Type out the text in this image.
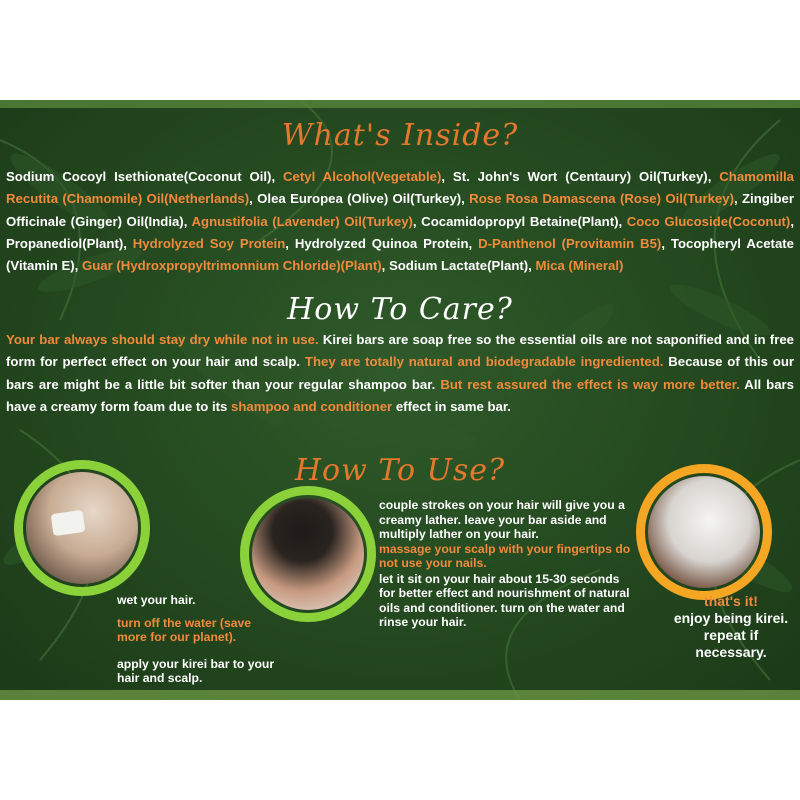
What's Inside?
Sodium Cocoyl Isethionate(Coconut Oil), Cetyl Alcohol(Vegetable), St. John's Wort (Centaury) Oil(Turkey), Chamomilla Recutita (Chamomile) Oil(Netherlands), Olea Europea (Olive) Oil(Turkey), Rose Rosa Damascena (Rose) Oil(Turkey), Zingiber Officinale (Ginger) Oil(India), Agnustifolia (Lavender) Oil(Turkey), Cocamidopropyl Betaine(Plant), Coco Glucoside(Coconut), Propanediol(Plant), Hydrolyzed Soy Protein, Hydrolyzed Quinoa Protein, D-Panthenol (Provitamin B5), Tocopheryl Acetate (Vitamin E), Guar (Hydroxpropyltrimonnium Chloride)(Plant), Sodium Lactate(Plant), Mica (Mineral)
How To Care?
Your bar always should stay dry while not in use. Kirei bars are soap free so the essential oils are not saponified and in free form for perfect effect on your hair and scalp. They are totally natural and biodegradable ingrediented. Because of this our bars are might be a little bit softer than your regular shampoo bar. But rest assured the effect is way more better. All bars have a creamy form foam due to its shampoo and conditioner effect in same bar.
How To Use?

wet your hair.

turn off the water (save more for our planet).

apply your kirei bar to your hair and scalp.

couple strokes on your hair will give you a creamy lather. leave your bar aside and multiply lather on your hair.

massage your scalp with your fingertips do not use your nails.

let it sit on your hair about 15-30 seconds for better effect and nourishment of natural oils and conditioner. turn on the water and rinse your hair.

that's it!

enjoy being kirei. repeat if necessary.
